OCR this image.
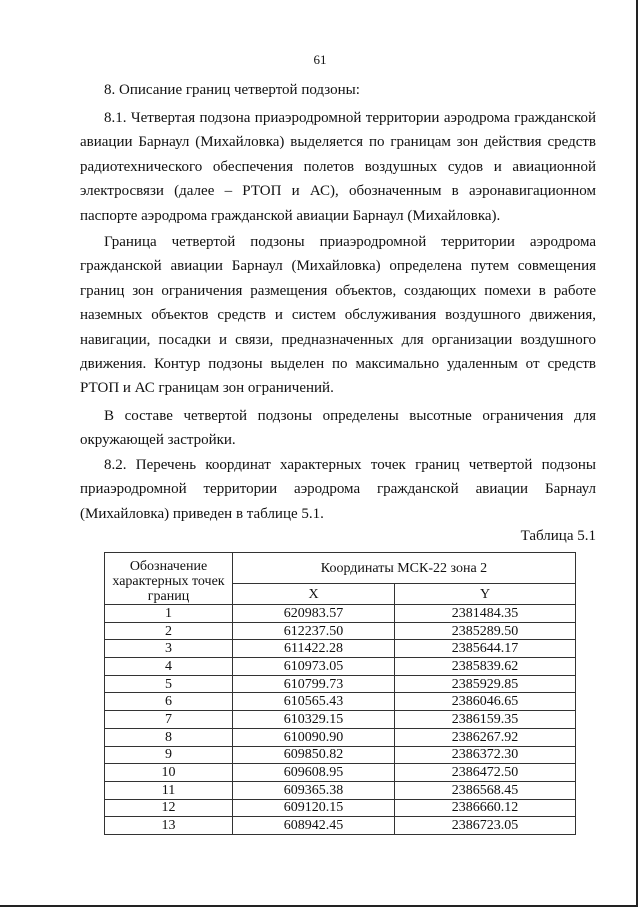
61
8. Описание границ четвертой подзоны:

8.1. Четвертая подзона приаэродромной территории аэродрома гражданской авиации Барнаул (Михайловка) выделяется по границам зон действия средств радиотехнического обеспечения полетов воздушных судов и авиационной электросвязи (далее – РТОП и АС), обозначенным в аэронавигационном паспорте аэродрома гражданской авиации Барнаул (Михайловка).

Граница четвертой подзоны приаэродромной территории аэродрома гражданской авиации Барнаул (Михайловка) определена путем совмещения границ зон ограничения размещения объектов, создающих помехи в работе наземных объектов средств и систем обслуживания воздушного движения, навигации, посадки и связи, предназначенных для организации воздушного движения. Контур подзоны выделен по максимально удаленным от средств РТОП и АС границам зон ограничений.

В составе четвертой подзоны определены высотные ограничения для окружающей застройки.

8.2. Перечень координат характерных точек границ четвертой подзоны приаэродромной территории аэродрома гражданской авиации Барнаул (Михайловка) приведен в таблице 5.1.

Таблица 5.1
Обозначение характерных точек границ	Координаты МСК-22 зона 2	
	X	Y
1	620983.57	2381484.35
2	612237.50	2385289.50
3	611422.28	2385644.17
4	610973.05	2385839.62
5	610799.73	2385929.85
6	610565.43	2386046.65
7	610329.15	2386159.35
8	610090.90	2386267.92
9	609850.82	2386372.30
10	609608.95	2386472.50
11	609365.38	2386568.45
12	609120.15	2386660.12
13	608942.45	2386723.05
